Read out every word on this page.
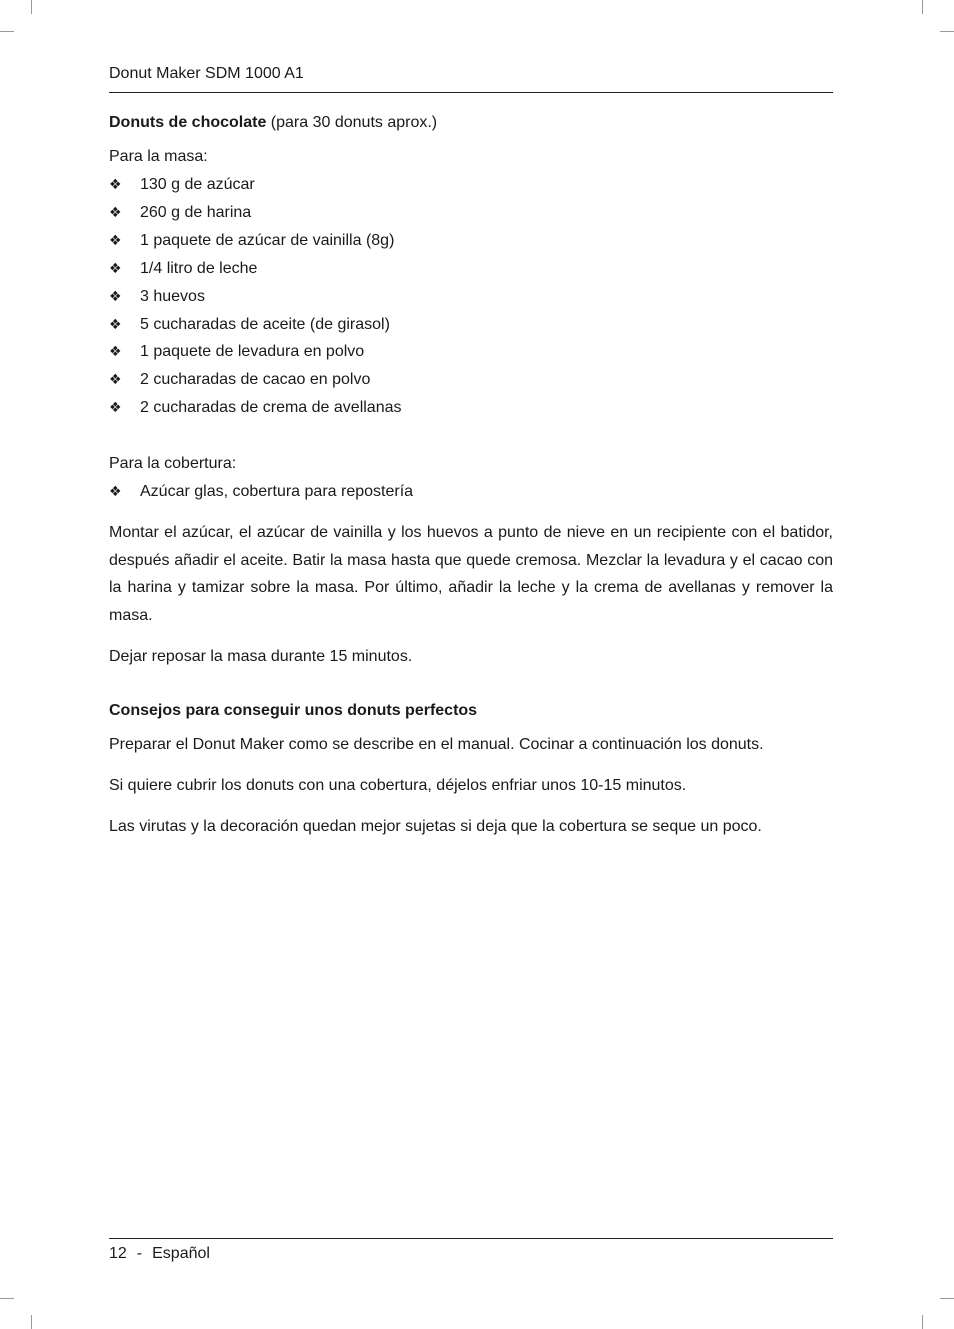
Donut Maker SDM 1000 A1

Donuts de chocolate (para 30 donuts aprox.)

Para la masa:

❖	130 g de azúcar
❖	260 g de harina
❖	1 paquete de azúcar de vainilla (8g)
❖	1/4 litro de leche
❖	3 huevos
❖	5 cucharadas de aceite (de girasol)
❖	1 paquete de levadura en polvo
❖	2 cucharadas de cacao en polvo
❖	2 cucharadas de crema de avellanas

Para la cobertura:

❖	Azúcar glas, cobertura para repostería

Montar el azúcar, el azúcar de vainilla y los huevos a punto de nieve en un recipiente con el batidor, después añadir el aceite. Batir la masa hasta que quede cremosa. Mezclar la levadura y el cacao con la harina y tamizar sobre la masa. Por último, añadir la leche y la crema de avellanas y remover la masa.

Dejar reposar la masa durante 15 minutos.

Consejos para conseguir unos donuts perfectos

Preparar el Donut Maker como se describe en el manual. Cocinar a continuación los donuts.

Si quiere cubrir los donuts con una cobertura, déjelos enfriar unos 10-15 minutos.

Las virutas y la decoración quedan mejor sujetas si deja que la cobertura se seque un poco.

12 - Español
